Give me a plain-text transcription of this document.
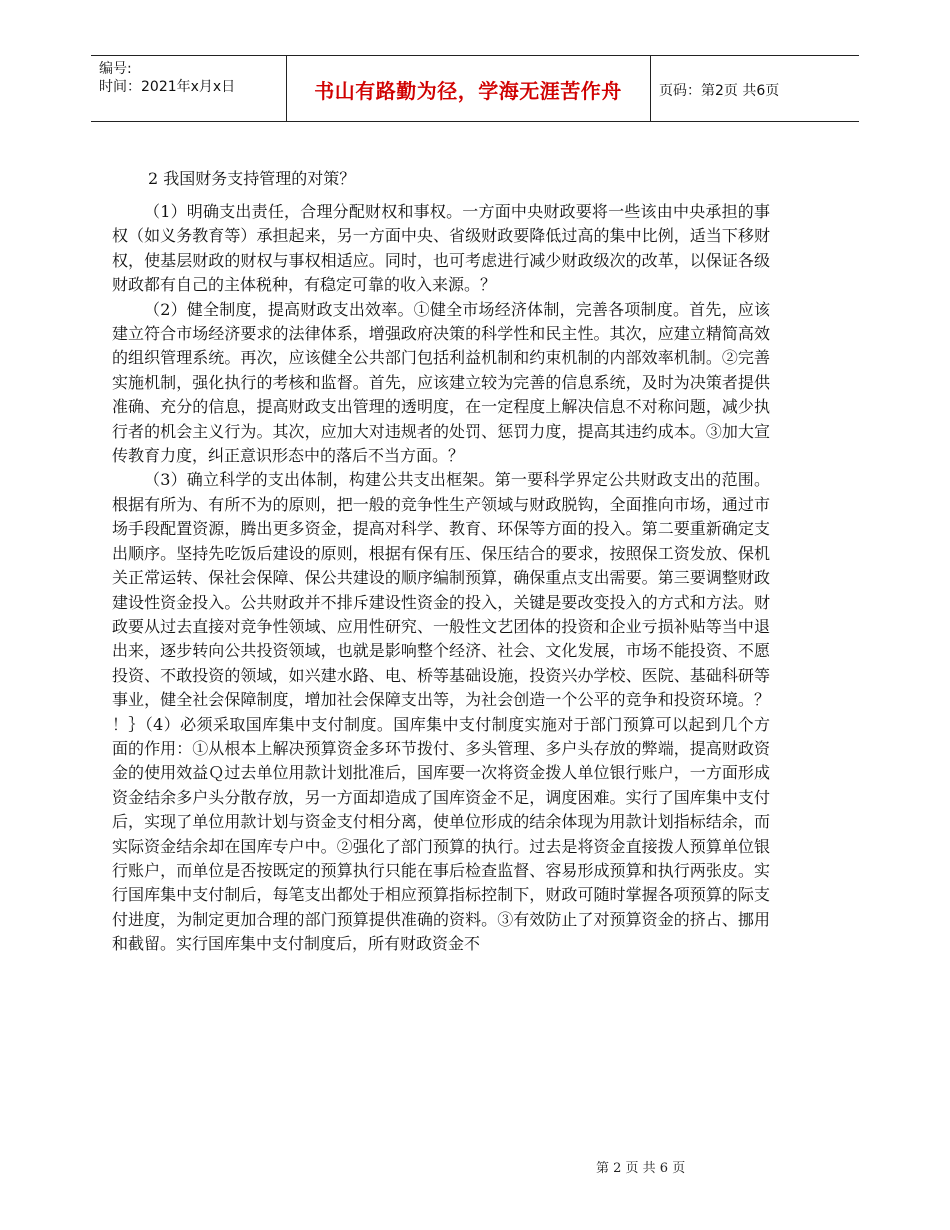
编号:
时间：2021年x月x日	书山有路勤为径，学海无涯苦作舟	页码：第2页 共6页
2 我国财务支持管理的对策？

（1）明确支出责任，合理分配财权和事权。一方面中央财政要将一些该由中央承担的事权（如义务教育等）承担起来，另一方面中央、省级财政要降低过高的集中比例，适当下移财权，使基层财政的财权与事权相适应。同时，也可考虑进行减少财政级次的改革，以保证各级财政都有自己的主体税种，有稳定可靠的收入来源。？

（2）健全制度，提高财政支出效率。①健全市场经济体制，完善各项制度。首先，应该建立符合市场经济要求的法律体系，增强政府决策的科学性和民主性。其次，应建立精简高效的组织管理系统。再次，应该健全公共部门包括利益机制和约束机制的内部效率机制。②完善实施机制，强化执行的考核和监督。首先，应该建立较为完善的信息系统，及时为决策者提供准确、充分的信息，提高财政支出管理的透明度，在一定程度上解决信息不对称问题，减少执行者的机会主义行为。其次，应加大对违规者的处罚、惩罚力度，提高其违约成本。③加大宣传教育力度，纠正意识形态中的落后不当方面。？

（3）确立科学的支出体制，构建公共支出框架。第一要科学界定公共财政支出的范围。根据有所为、有所不为的原则，把一般的竞争性生产领域与财政脱钩，全面推向市场，通过市场手段配置资源，腾出更多资金，提高对科学、教育、环保等方面的投入。第二要重新确定支出顺序。坚持先吃饭后建设的原则，根据有保有压、保压结合的要求，按照保工资发放、保机关正常运转、保社会保障、保公共建设的顺序编制预算，确保重点支出需要。第三要调整财政建设性资金投入。公共财政并不排斥建设性资金的投入，关键是要改变投入的方式和方法。财政要从过去直接对竞争性领域、应用性研究、一般性文艺团体的投资和企业亏损补贴等当中退出来，逐步转向公共投资领域，也就是影响整个经济、社会、文化发展，市场不能投资、不愿投资、不敢投资的领域，如兴建水路、电、桥等基础设施，投资兴办学校、医院、基础科研等事业，健全社会保障制度，增加社会保障支出等，为社会创造一个公平的竞争和投资环境。？ ！｝（4）必须采取国库集中支付制度。国库集中支付制度实施对于部门预算可以起到几个方面的作用：①从根本上解决预算资金多环节拨付、多头管理、多户头存放的弊端，提高财政资金的使用效益Ｑ过去单位用款计划批准后，国库要一次将资金拨人单位银行账户，一方面形成资金结余多户头分散存放，另一方面却造成了国库资金不足，调度困难。实行了国库集中支付后，实现了单位用款计划与资金支付相分离，使单位形成的结余体现为用款计划指标结余，而实际资金结余却在国库专户中。②强化了部门预算的执行。过去是将资金直接拨人预算单位银行账户，而单位是否按既定的预算执行只能在事后检查监督、容易形成预算和执行两张皮。实行国库集中支付制后，每笔支出都处于相应预算指标控制下，财政可随时掌握各项预算的际支付进度，为制定更加合理的部门预算提供准确的资料。③有效防止了对预算资金的挤占、挪用和截留。实行国库集中支付制度后，所有财政资金不

第 2 页 共 6 页
